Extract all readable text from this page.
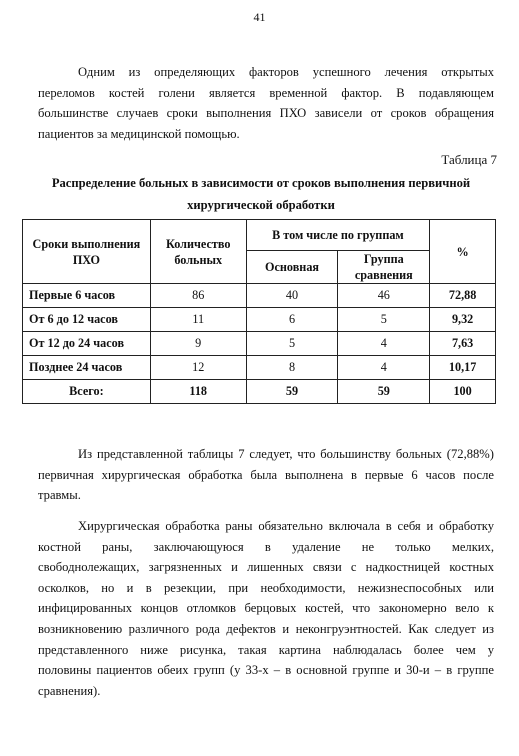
41
Одним из определяющих факторов успешного лечения открытых
переломов костей голени является временной фактор. В подавляющем
большинстве случаев сроки выполнения ПХО зависели от сроков обращения
пациентов за медицинской помощью.
Таблица 7
Распределение больных в зависимости от сроков выполнения первичной
хирургической обработки
Сроки выполнения ПХО	Количество больных	В том числе по группам		%
		Основная	Группа сравнения	
Первые 6 часов	86	40	46	72,88
От 6 до 12 часов	11	6	5	9,32
От 12 до 24 часов	9	5	4	7,63
Позднее 24 часов	12	8	4	10,17
Всего:	118	59	59	100
Из представленной таблицы 7 следует, что большинству больных (72,88%)
первичная хирургическая обработка была выполнена в первые 6 часов после
травмы.
Хирургическая обработка раны обязательно включала в себя и обработку
костной раны, заключающуюся в удаление не только мелких,
свободнолежащих, загрязненных и лишенных связи с надкостницей костных
осколков, но и в резекции, при необходимости, нежизнеспособных или
инфицированных концов отломков берцовых костей, что закономерно вело к
возникновению различного рода дефектов и неконгруэнтностей. Как следует из
представленного ниже рисунка, такая картина наблюдалась более чем у
половины пациентов обеих групп (у 33-х – в основной группе и 30-и – в группе
сравнения).
